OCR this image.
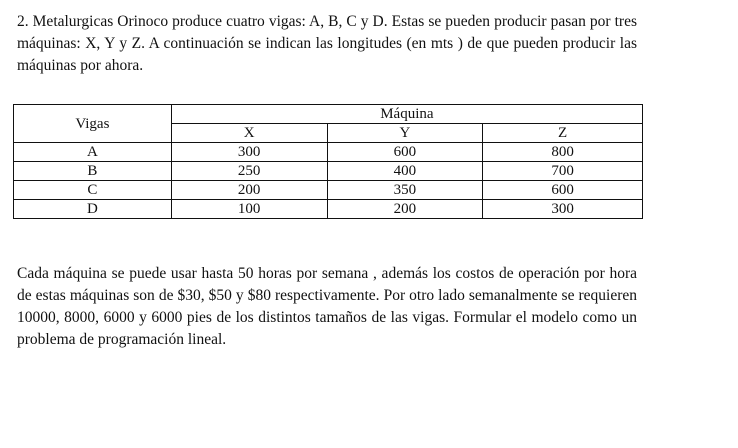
2. Metalurgicas Orinoco produce cuatro vigas: A, B, C y D. Estas se pueden producir pasan por tres máquinas: X, Y y Z. A continuación se indican las longitudes (en mts ) de que pueden producir las máquinas por ahora.

Vigas	Máquina		
	X	Y	Z
A	300	600	800
B	250	400	700
C	200	350	600
D	100	200	300

Cada máquina se puede usar hasta 50 horas por semana , además los costos de operación por hora de estas máquinas son de $30, $50 y $80 respectivamente. Por otro lado semanalmente se requieren 10000, 8000, 6000 y 6000 pies de los distintos tamaños de las vigas. Formular el modelo como un problema de programación lineal.
